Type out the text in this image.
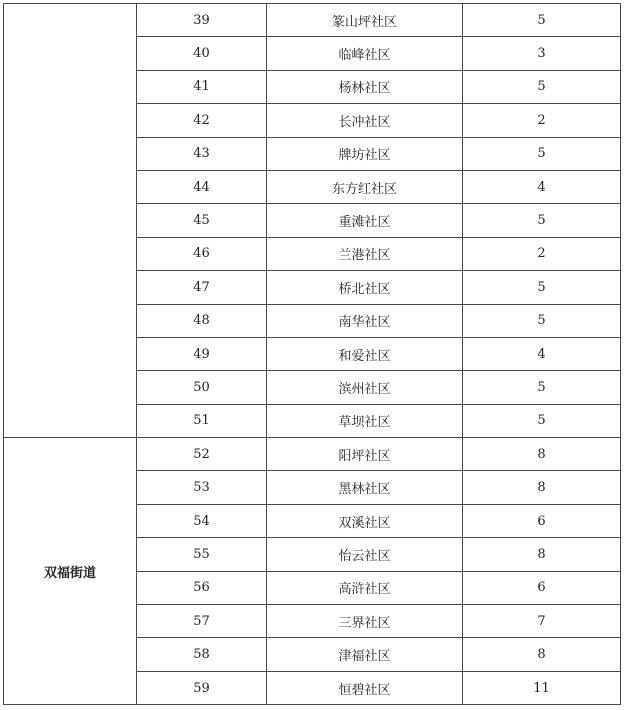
	39	篆山坪社区	5
	40	临峰社区	3
	41	杨林社区	5
	42	长冲社区	2
	43	牌坊社区	5
	44	东方红社区	4
	45	重滩社区	5
	46	兰港社区	2
	47	桥北社区	5
	48	南华社区	5
	49	和爱社区	4
	50	滨州社区	5
	51	草坝社区	5
双福街道	52	阳坪社区	8
	53	黑林社区	8
	54	双溪社区	6
	55	怡云社区	8
	56	高浒社区	6
	57	三界社区	7
	58	津福社区	8
	59	恒碧社区	11
